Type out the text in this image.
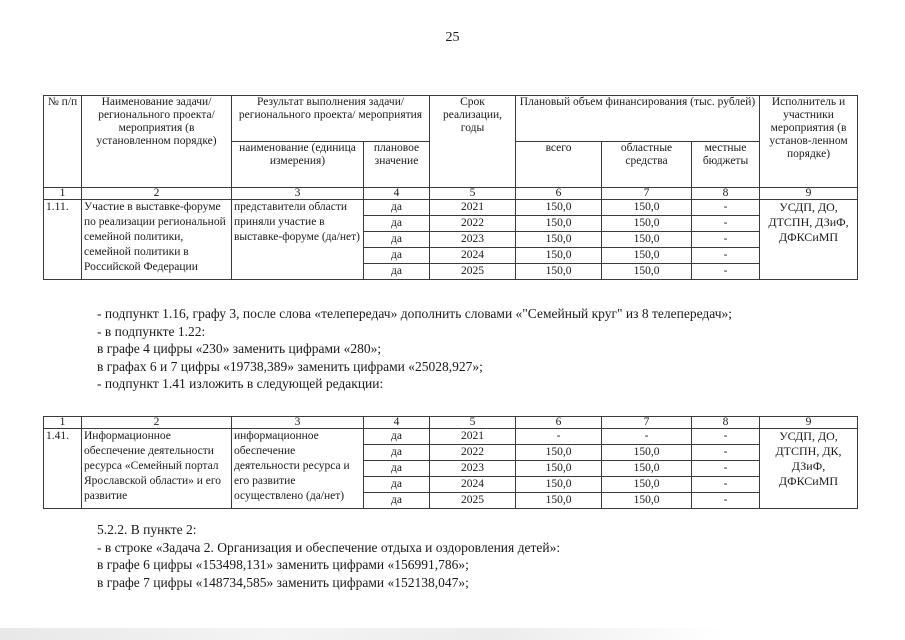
25
№ п/п	Наименование задачи/ регионального проекта/ мероприятия (в установленном порядке)	Результат выполнения задачи/ регионального проекта/ мероприятия		Срок реализации, годы	Плановый объем финансирования (тыс. рублей)			Исполнитель и участники мероприятия (в установ-ленном порядке)
		наименование (единица измерения)	плановое значение		всего	областные средства	местные бюджеты	
1	2	3	4	5	6	7	8	9
1.11.	Участие в выставке-форуме по реализации региональной семейной политики, семейной политики в Российской Федерации	представители области приняли участие в выставке-форуме (да/нет)	да	2021	150,0	150,0	-	УСДП, ДО, ДТСПН, ДЗиФ, ДФКСиМП
			да	2022	150,0	150,0	-	
			да	2023	150,0	150,0	-	
			да	2024	150,0	150,0	-	
			да	2025	150,0	150,0	-	
- подпункт 1.16, графу 3, после слова «телепередач» дополнить словами «"Семейный круг" из 8 телепередач»;
- в подпункте 1.22:
в графе 4 цифры «230» заменить цифрами «280»;
в графах 6 и 7 цифры «19738,389» заменить цифрами «25028,927»;
- подпункт 1.41 изложить в следующей редакции:
1	2	3	4	5	6	7	8	9
1.41.	Информационное обеспечение деятельности ресурса «Семейный портал Ярославской области» и его развитие	информационное обеспечение деятельности ресурса и его развитие осуществлено (да/нет)	да	2021	-	-	-	УСДП, ДО, ДТСПН, ДК, ДЗиФ, ДФКСиМП
			да	2022	150,0	150,0	-	
			да	2023	150,0	150,0	-	
			да	2024	150,0	150,0	-	
			да	2025	150,0	150,0	-	
5.2.2. В пункте 2:
- в строке «Задача 2. Организация и обеспечение отдыха и оздоровления детей»:
в графе 6 цифры «153498,131» заменить цифрами «156991,786»;
в графе 7 цифры «148734,585» заменить цифрами «152138,047»;
